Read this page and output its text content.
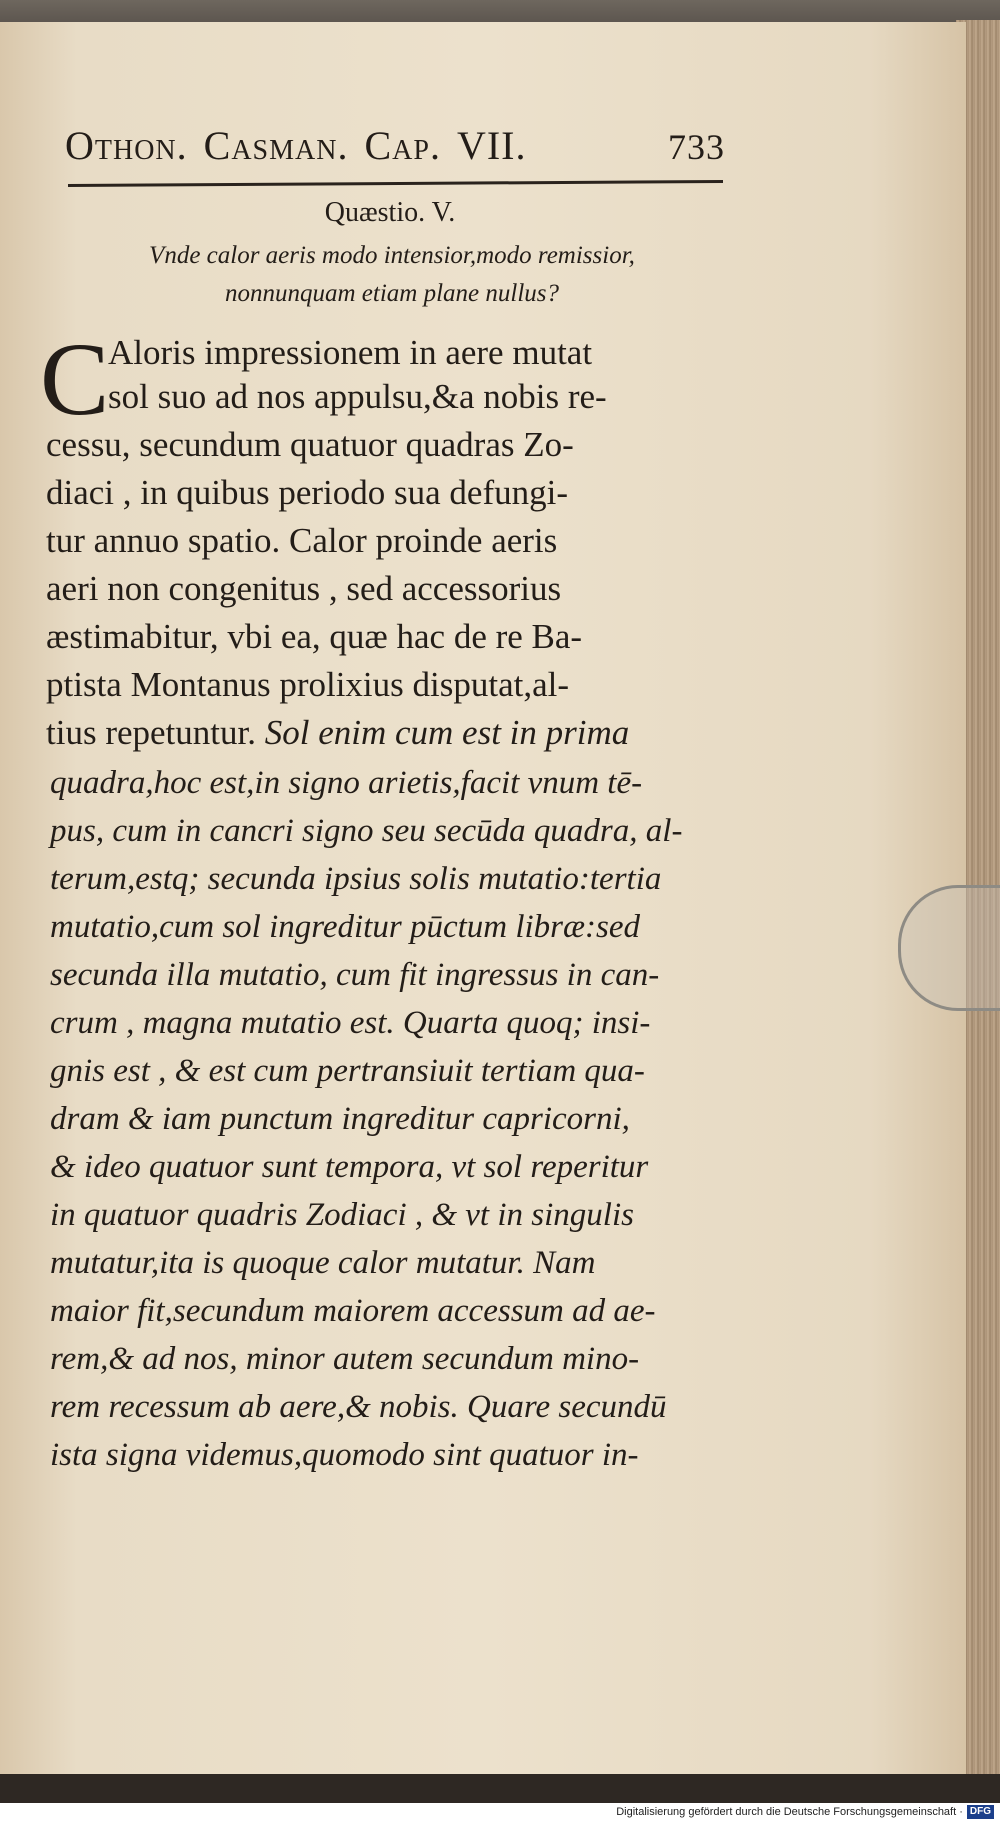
Othon. Casman. Cap. VII.	733
Quæstio. V.
Vnde calor aeris modo intensior,modo remissior,
nonnunquam etiam plane nullus?
C
Aloris impressionem in aere mutat
sol suo ad nos appulsu,&a nobis re-
cessu, secundum quatuor quadras Zo-
diaci , in quibus periodo sua defungi-
tur annuo spatio. Calor proinde aeris
aeri non congenitus , sed accessorius
æstimabitur, vbi ea, quæ hac de re Ba-
ptista Montanus prolixius disputat,al-
tius repetuntur. Sol enim cum est in prima
quadra,hoc est,in signo arietis,facit vnum tē-
pus, cum in cancri signo seu secūda quadra, al-
terum,estq; secunda ipsius solis mutatio:tertia
mutatio,cum sol ingreditur pūctum libræ:sed
secunda illa mutatio, cum fit ingressus in can-
crum , magna mutatio est. Quarta quoq; insi-
gnis est , & est cum pertransiuit tertiam qua-
dram & iam punctum ingreditur capricorni,
& ideo quatuor sunt tempora, vt sol reperitur
in quatuor quadris Zodiaci , & vt in singulis
mutatur,ita is quoque calor mutatur. Nam
maior fit,secundum maiorem accessum ad ae-
rem,& ad nos, minor autem secundum mino-
rem recessum ab aere,& nobis. Quare secundū
ista signa videmus,quomodo sint quatuor in-
Digitalisierung gefördert durch die Deutsche Forschungsgemeinschaft · DFG
